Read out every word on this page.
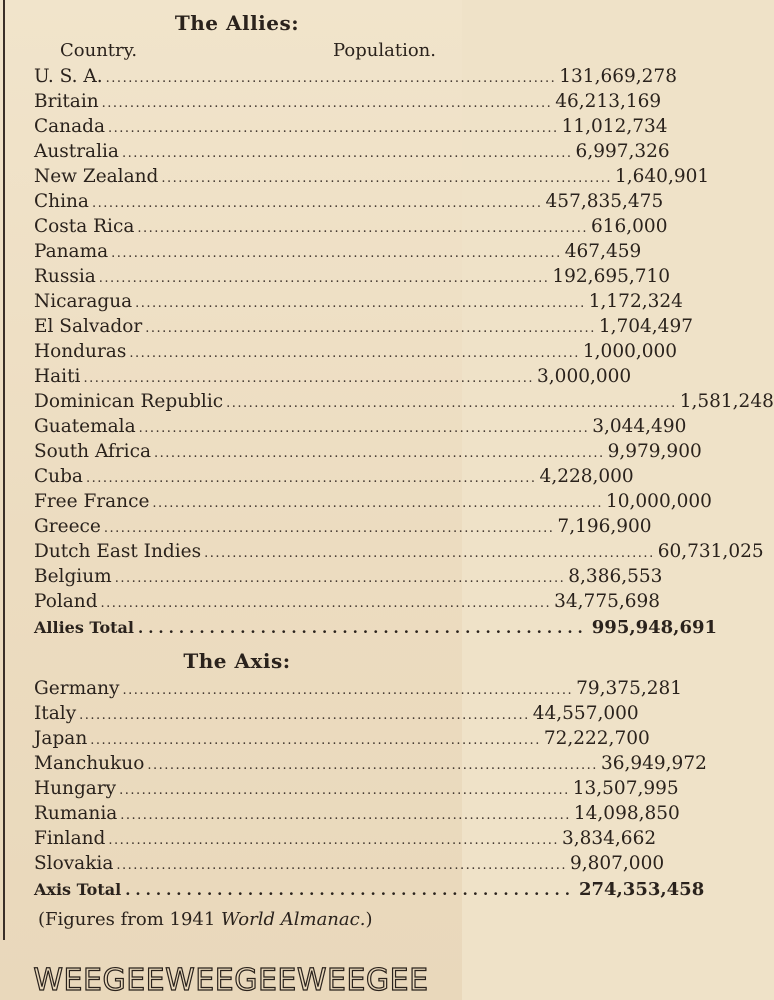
The Allies:
Country.	Population.
U. S. A. ................................................................................ 131,669,278
Britain ................................................................................ 46,213,169
Canada ................................................................................ 11,012,734
Australia ................................................................................ 6,997,326
New Zealand ................................................................................ 1,640,901
China ................................................................................ 457,835,475
Costa Rica ................................................................................ 616,000
Panama ................................................................................ 467,459
Russia ................................................................................ 192,695,710
Nicaragua ................................................................................ 1,172,324
El Salvador ................................................................................ 1,704,497
Honduras ................................................................................ 1,000,000
Haiti ................................................................................ 3,000,000
Dominican Republic ................................................................................ 1,581,248
Guatemala ................................................................................ 3,044,490
South Africa ................................................................................ 9,979,900
Cuba ................................................................................ 4,228,000
Free France ................................................................................ 10,000,000
Greece ................................................................................ 7,196,900
Dutch East Indies ................................................................................ 60,731,025
Belgium ................................................................................ 8,386,553
Poland ................................................................................ 34,775,698
Allies Total ............................................ 995,948,691
The Axis:
Germany ................................................................................ 79,375,281
Italy ................................................................................ 44,557,000
Japan ................................................................................ 72,222,700
Manchukuo ................................................................................ 36,949,972
Hungary ................................................................................ 13,507,995
Rumania ................................................................................ 14,098,850
Finland ................................................................................ 3,834,662
Slovakia ................................................................................ 9,807,000
Axis Total ............................................ 274,353,458
(Figures from 1941 World Almanac.)
WEEGEEWEEGEEWEEGEE
